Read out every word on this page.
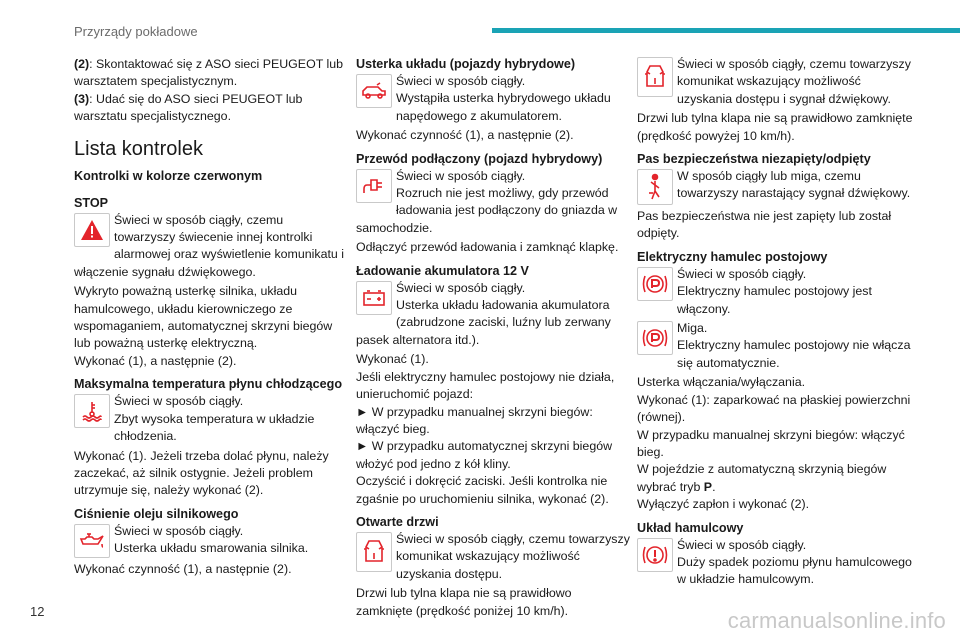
Przyrządy pokładowe

(2): Skontaktować się z ASO sieci PEUGEOT lub warsztatem specjalistycznym.

(3): Udać się do ASO sieci PEUGEOT lub warsztatu specjalistycznego.

Lista kontrolek
Kontrolki w kolorze czerwonym
STOP

Świeci w sposób ciągły, czemu towarzyszy świecenie innej kontrolki alarmowej oraz wyświetlenie komunikatu i włączenie sygnału dźwiękowego.

Wykryto poważną usterkę silnika, układu hamulcowego, układu kierowniczego ze wspomaganiem, automatycznej skrzyni biegów lub poważną usterkę elektryczną.

Wykonać (1), a następnie (2).

Maksymalna temperatura płynu chłodzącego

Świeci w sposób ciągły.
Zbyt wysoka temperatura w układzie chłodzenia.

Wykonać (1). Jeżeli trzeba dolać płynu, należy zaczekać, aż silnik ostygnie. Jeżeli problem utrzymuje się, należy wykonać (2).

Ciśnienie oleju silnikowego

Świeci w sposób ciągły.
Usterka układu smarowania silnika.

Wykonać czynność (1), a następnie (2).

Usterka układu (pojazdy hybrydowe)

Świeci w sposób ciągły.
Wystąpiła usterka hybrydowego układu napędowego z akumulatorem.

Wykonać czynność (1), a następnie (2).

Przewód podłączony (pojazd hybrydowy)

Świeci w sposób ciągły.
Rozruch nie jest możliwy, gdy przewód ładowania jest podłączony do gniazda w samochodzie.

Odłączyć przewód ładowania i zamknąć klapkę.

Ładowanie akumulatora 12 V

Świeci w sposób ciągły.
Usterka układu ładowania akumulatora (zabrudzone zaciski, luźny lub zerwany pasek alternatora itd.).

Wykonać (1).

Jeśli elektryczny hamulec postojowy nie działa, unieruchomić pojazd:

► W przypadku manualnej skrzyni biegów: włączyć bieg.

► W przypadku automatycznej skrzyni biegów włożyć pod jedno z kół kliny.

Oczyścić i dokręcić zaciski. Jeśli kontrolka nie zgaśnie po uruchomieniu silnika, wykonać (2).

Otwarte drzwi

Świeci w sposób ciągły, czemu towarzyszy komunikat wskazujący możliwość uzyskania dostępu.

Drzwi lub tylna klapa nie są prawidłowo zamknięte (prędkość poniżej 10 km/h).

Świeci w sposób ciągły, czemu towarzyszy komunikat wskazujący możliwość uzyskania dostępu i sygnał dźwiękowy.

Drzwi lub tylna klapa nie są prawidłowo zamknięte (prędkość powyżej 10 km/h).

Pas bezpieczeństwa niezapięty/odpięty

W sposób ciągły lub miga, czemu towarzyszy narastający sygnał dźwiękowy.

Pas bezpieczeństwa nie jest zapięty lub został odpięty.

Elektryczny hamulec postojowy

Świeci w sposób ciągły.
Elektryczny hamulec postojowy jest włączony.

Miga.
Elektryczny hamulec postojowy nie włącza się automatycznie.

Usterka włączania/wyłączania.

Wykonać (1): zaparkować na płaskiej powierzchni (równej).

W przypadku manualnej skrzyni biegów: włączyć bieg.

W pojeździe z automatyczną skrzynią biegów wybrać tryb P.

Wyłączyć zapłon i wykonać (2).

Układ hamulcowy

Świeci w sposób ciągły.
Duży spadek poziomu płynu hamulcowego w układzie hamulcowym.

12	carmanualsonline.info
